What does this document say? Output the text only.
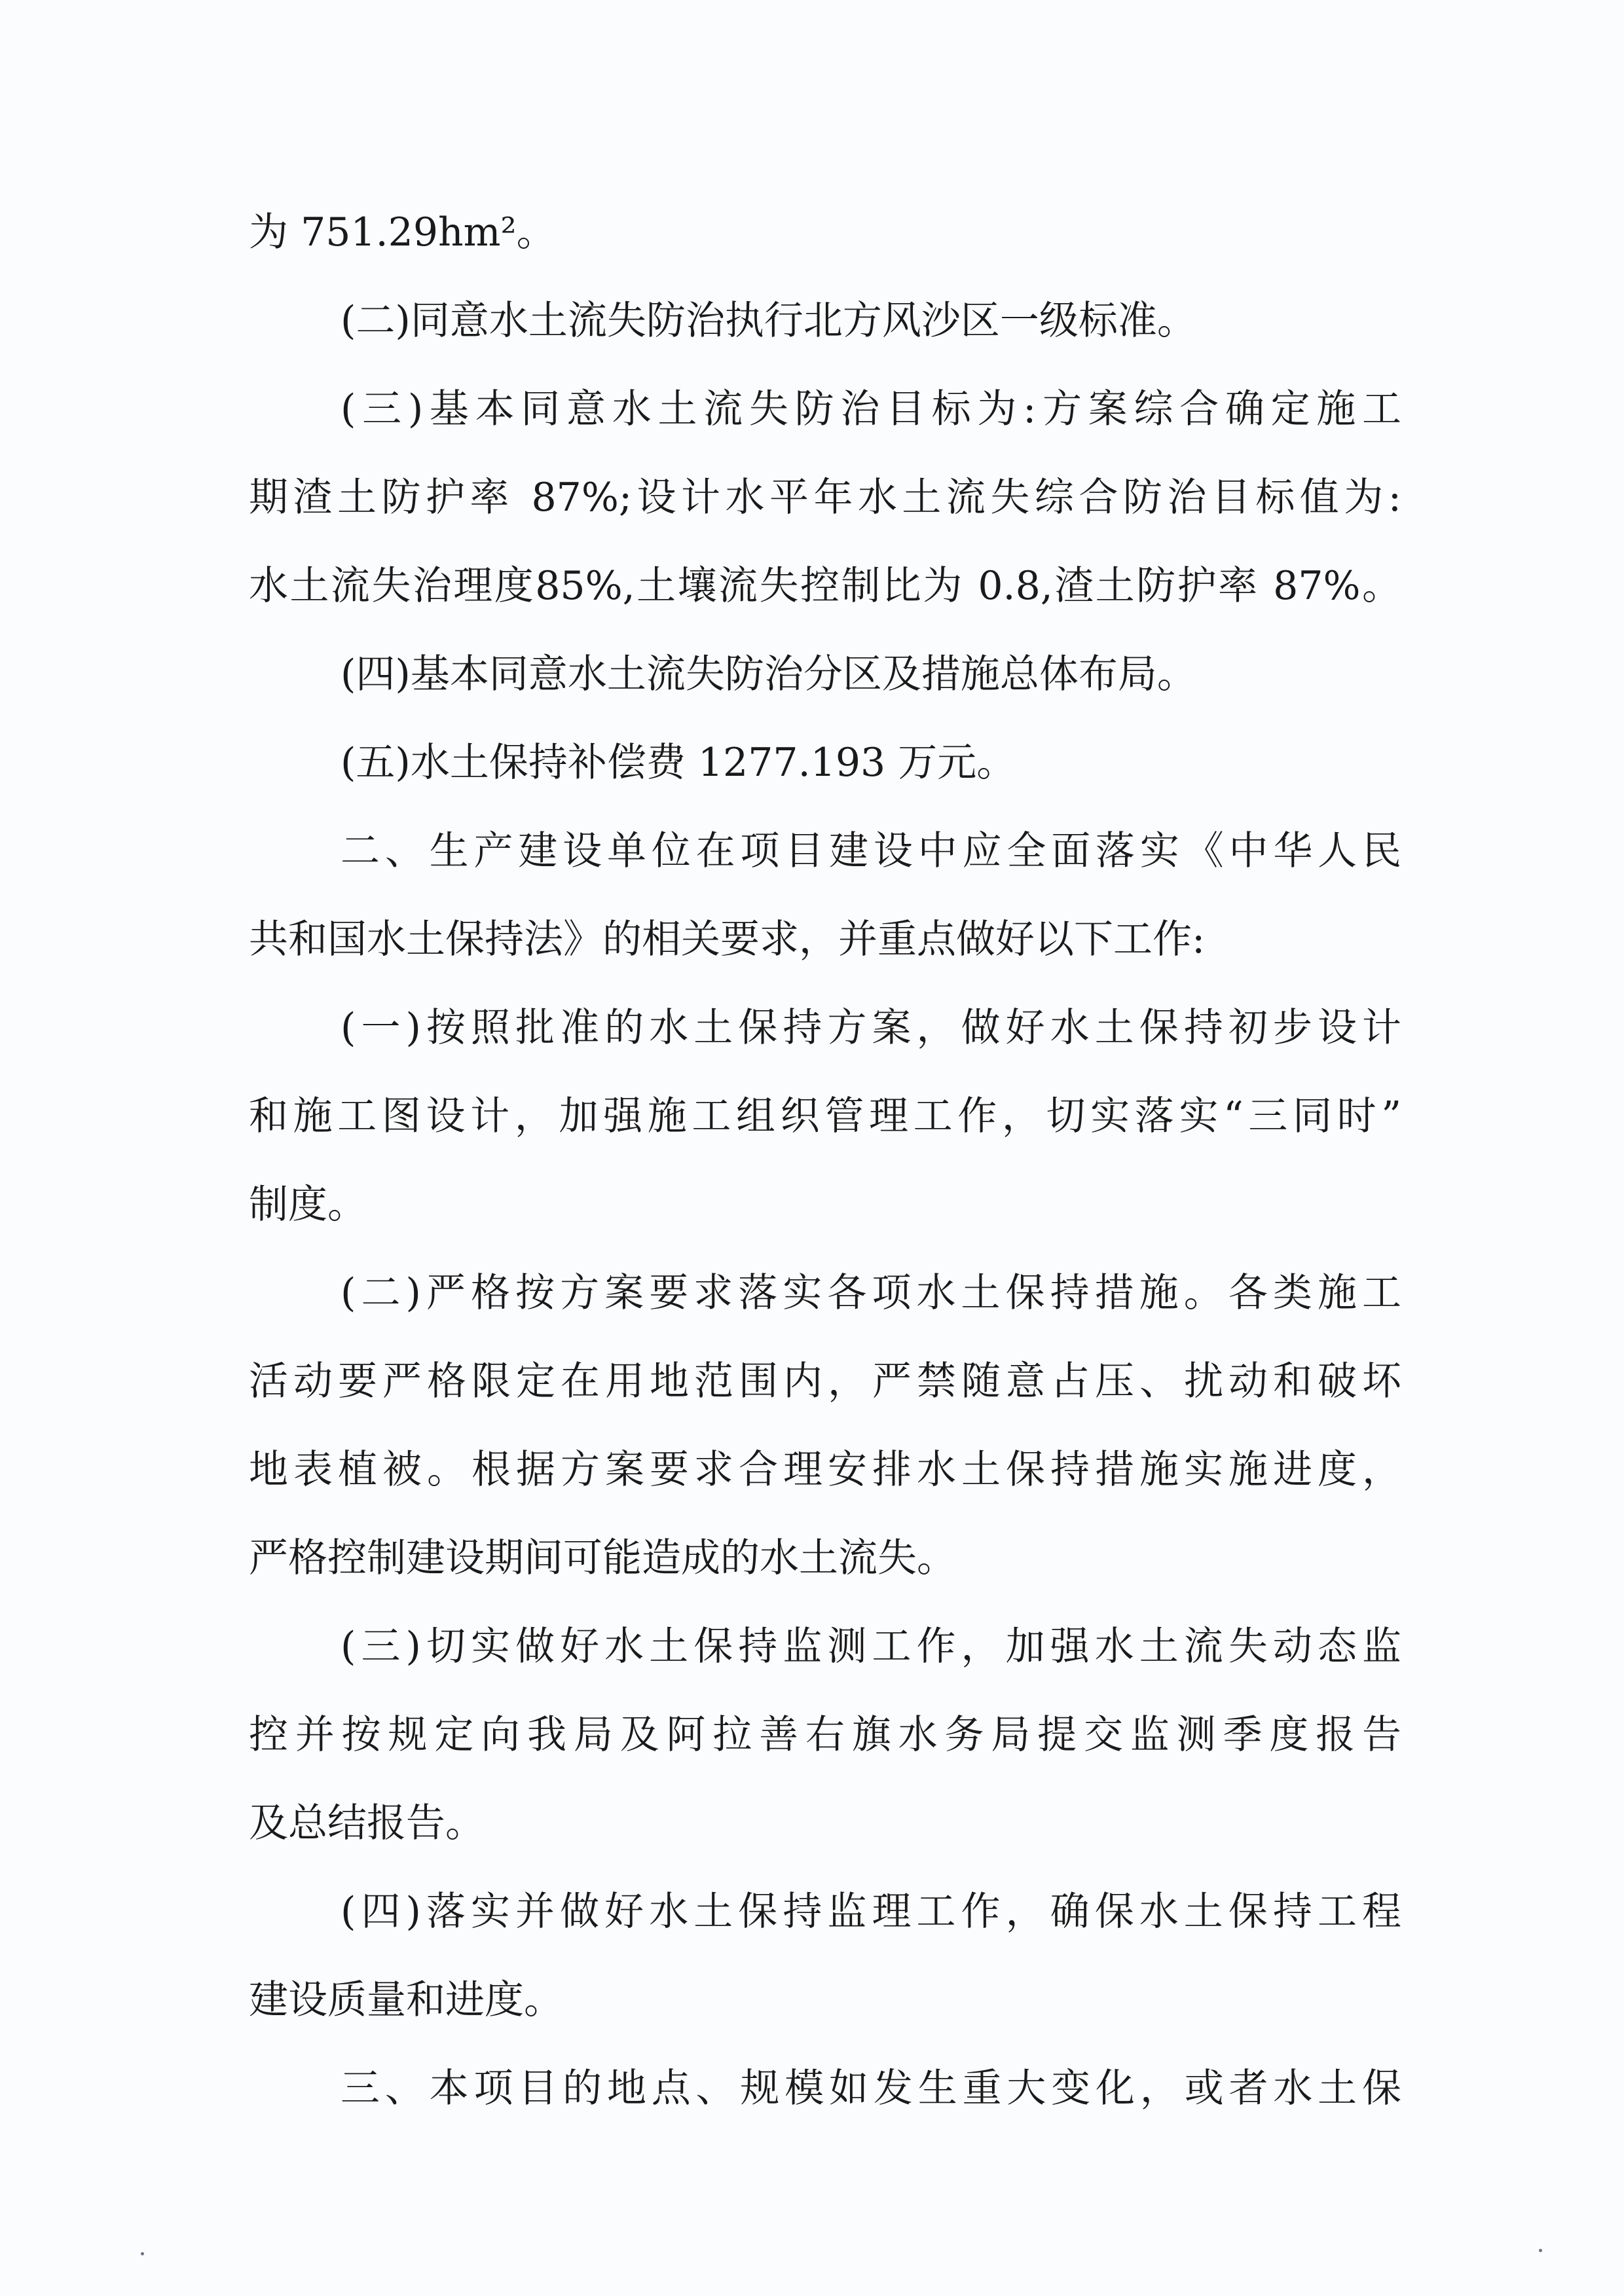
为 751.29hm²。
(二)同意水土流失防治执行北方风沙区一级标准。
(三)基本同意水土流失防治目标为:方案综合确定施工
期渣土防护率 87%;设计水平年水土流失综合防治目标值为:
水土流失治理度85%,土壤流失控制比为 0.8,渣土防护率 87%。
(四)基本同意水土流失防治分区及措施总体布局。
(五)水土保持补偿费 1277.193 万元。
二、生产建设单位在项目建设中应全面落实《中华人民
共和国水土保持法》的相关要求，并重点做好以下工作:
(一)按照批准的水土保持方案，做好水土保持初步设计
和施工图设计，加强施工组织管理工作，切实落实“三同时”
制度。
(二)严格按方案要求落实各项水土保持措施。各类施工
活动要严格限定在用地范围内，严禁随意占压、扰动和破坏
地表植被。根据方案要求合理安排水土保持措施实施进度，
严格控制建设期间可能造成的水土流失。
(三)切实做好水土保持监测工作，加强水土流失动态监
控并按规定向我局及阿拉善右旗水务局提交监测季度报告
及总结报告。
(四)落实并做好水土保持监理工作，确保水土保持工程
建设质量和进度。
三、本项目的地点、规模如发生重大变化，或者水土保
